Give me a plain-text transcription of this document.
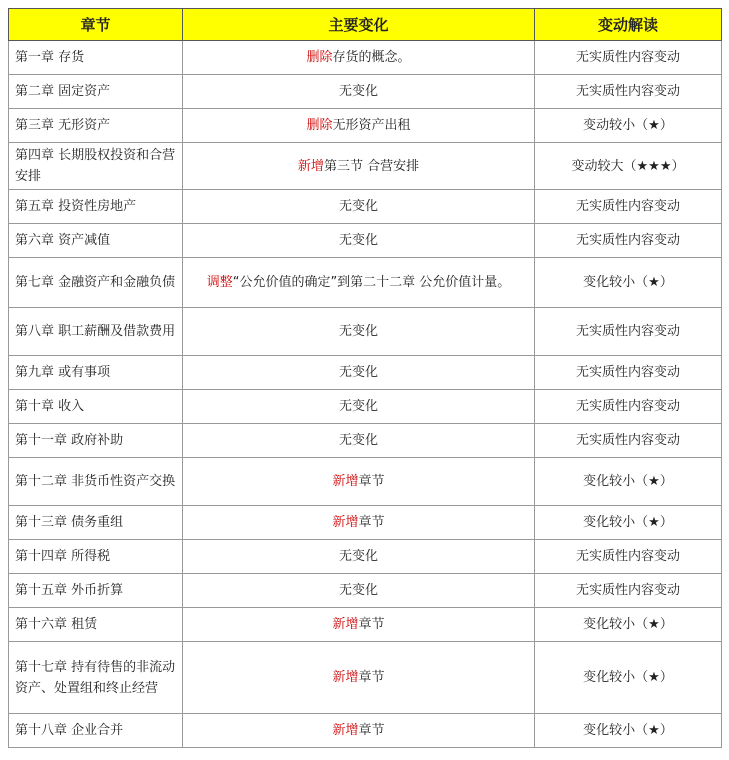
章节	主要变化	变动解读
第一章 存货	删除存货的概念。	无实质性内容变动
第二章 固定资产	无变化	无实质性内容变动
第三章 无形资产	删除无形资产出租	变动较小（★）
第四章 长期股权投资和合营安排	新增第三节 合营安排	变动较大（★★★）
第五章 投资性房地产	无变化	无实质性内容变动
第六章 资产减值	无变化	无实质性内容变动
第七章 金融资产和金融负债	调整“公允价值的确定”到第二十二章 公允价值计量。	变化较小（★）
第八章 职工薪酬及借款费用	无变化	无实质性内容变动
第九章 或有事项	无变化	无实质性内容变动
第十章 收入	无变化	无实质性内容变动
第十一章 政府补助	无变化	无实质性内容变动
第十二章 非货币性资产交换	新增章节	变化较小（★）
第十三章 债务重组	新增章节	变化较小（★）
第十四章 所得税	无变化	无实质性内容变动
第十五章 外币折算	无变化	无实质性内容变动
第十六章 租赁	新增章节	变化较小（★）
第十七章 持有待售的非流动资产、处置组和终止经营	新增章节	变化较小（★）
第十八章 企业合并	新增章节	变化较小（★）
